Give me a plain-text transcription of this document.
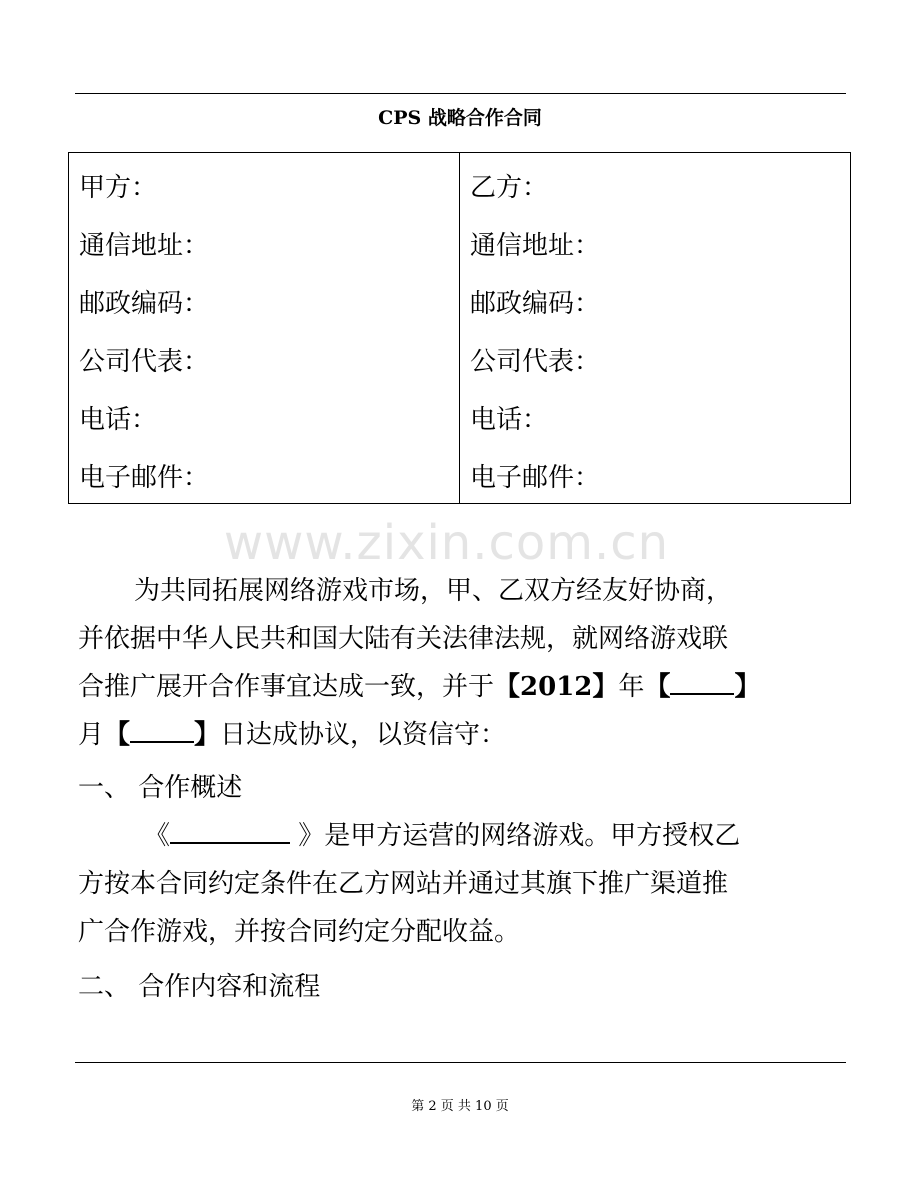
CPS 战略合作合同
甲方：
通信地址：
邮政编码：
公司代表：
电话：
电子邮件：
乙方：
通信地址：
邮政编码：
公司代表：
电话：
电子邮件：
www.zixin.com.cn
为共同拓展网络游戏市场，甲、乙双方经友好协商，
并依据中华人民共和国大陆有关法律法规，就网络游戏联
合推广展开合作事宜达成一致，并于【2012】年【 】
月【 】日达成协议，以资信守：
一、 合作概述
《	》是甲方运营的网络游戏。甲方授权乙
方按本合同约定条件在乙方网站并通过其旗下推广渠道推
广合作游戏，并按合同约定分配收益。
二、 合作内容和流程
第 2 页 共 10 页
